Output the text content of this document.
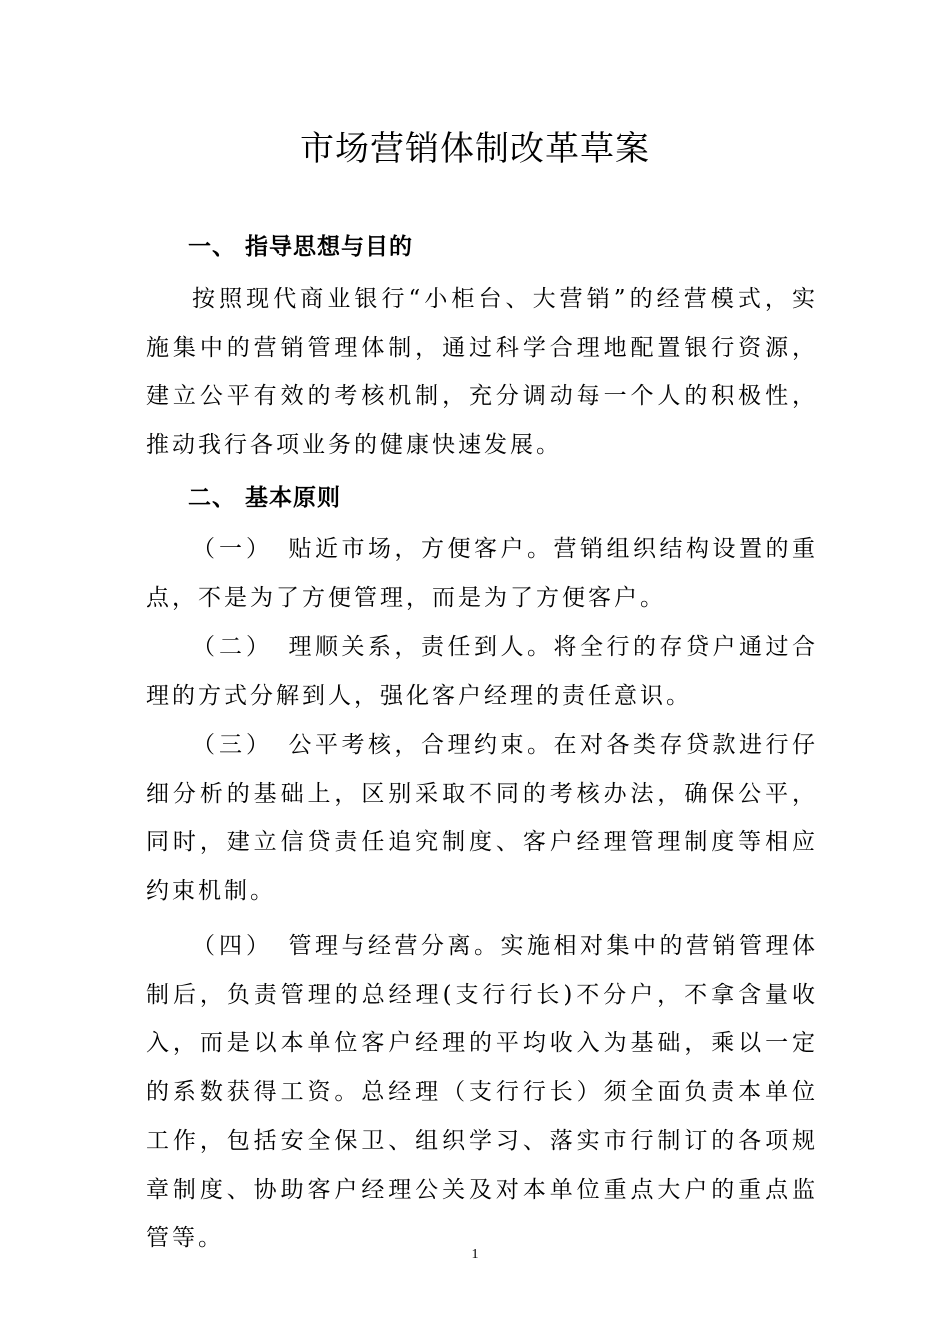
市场营销体制改革草案
一、 指导思想与目的
按照现代商业银行“小柜台、大营销”的经营模式，实施集中的营销管理体制，通过科学合理地配置银行资源，建立公平有效的考核机制，充分调动每一个人的积极性，推动我行各项业务的健康快速发展。
二、 基本原则
（一） 贴近市场，方便客户。营销组织结构设置的重点，不是为了方便管理，而是为了方便客户。
（二） 理顺关系，责任到人。将全行的存贷户通过合理的方式分解到人，强化客户经理的责任意识。
（三） 公平考核，合理约束。在对各类存贷款进行仔细分析的基础上，区别采取不同的考核办法，确保公平，同时，建立信贷责任追究制度、客户经理管理制度等相应约束机制。
（四） 管理与经营分离。实施相对集中的营销管理体制后，负责管理的总经理(支行行长)不分户，不拿含量收入，而是以本单位客户经理的平均收入为基础，乘以一定的系数获得工资。总经理（支行行长）须全面负责本单位工作，包括安全保卫、组织学习、落实市行制订的各项规章制度、协助客户经理公关及对本单位重点大户的重点监管等。
1
